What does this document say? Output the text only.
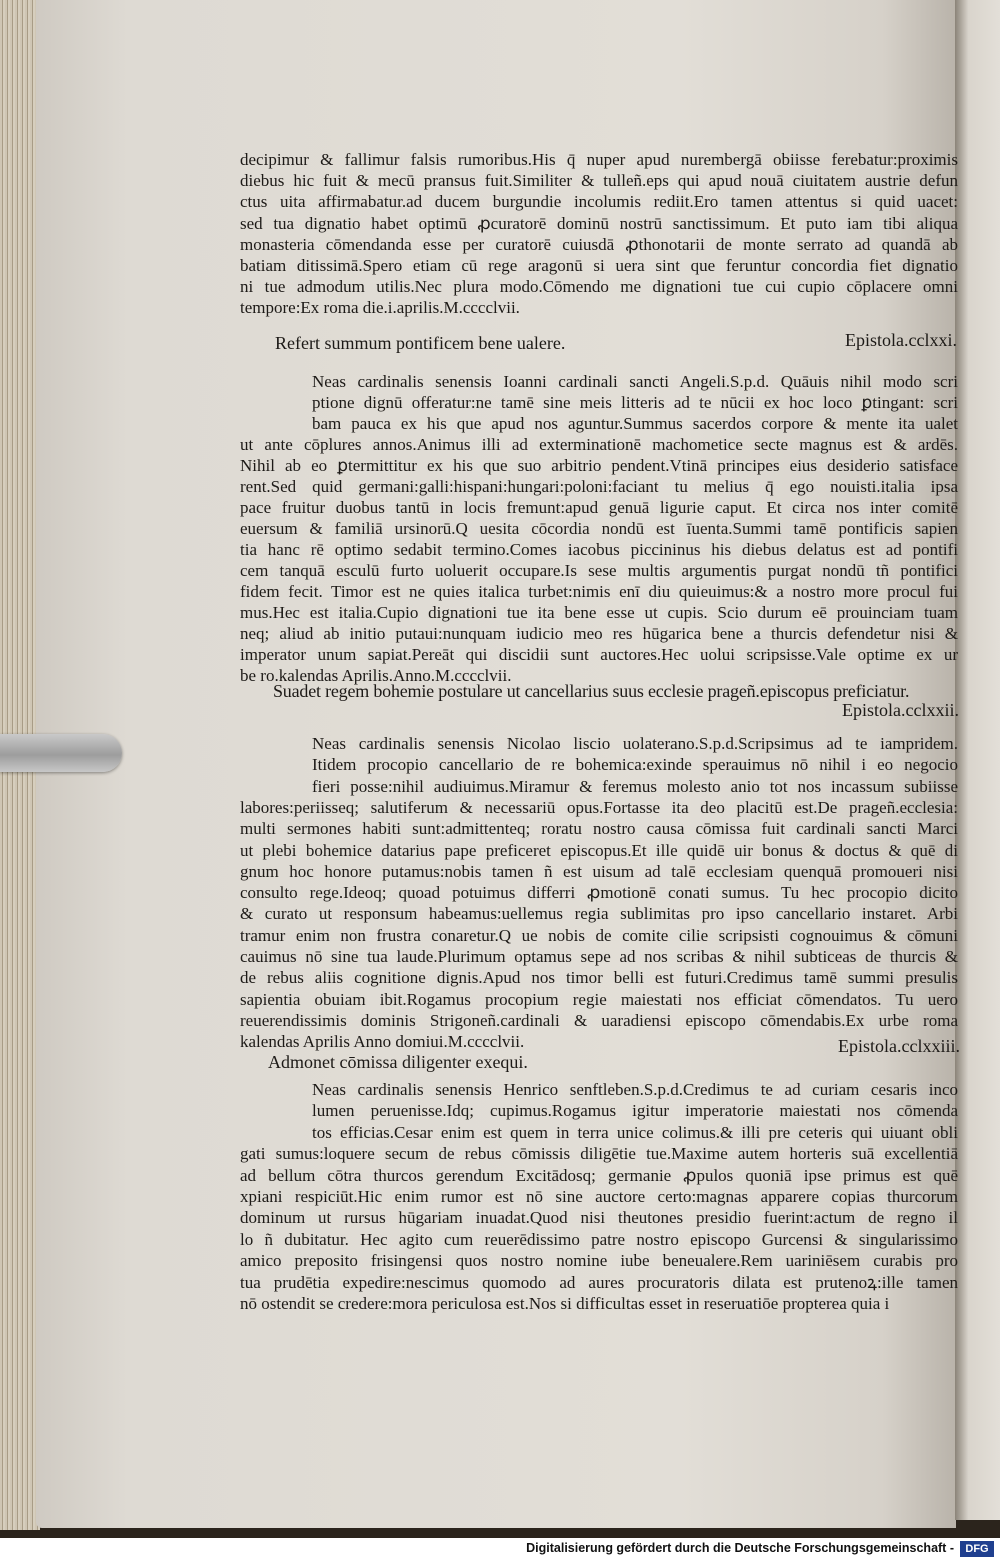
decipimur & fallimur falsis rumoribus.His q̄ nuper apud nurembergā obiisse ferebatur:proximis
diebus hic fuit & mecū pransus fuit.Similiter & tulleñ.eps qui apud nouā ciuitatem austrie defun
ctus uita affirmabatur.ad ducem burgundie incolumis rediit.Ero tamen attentus si quid uacet:
sed tua dignatio habet optimū ꝓcuratorē dominū nostrū sanctissimum. Et puto iam tibi aliqua
monasteria cōmendanda esse per curatorē cuiusdā ꝓthonotarii de monte serrato ad quandā ab
batiam ditissimā.Spero etiam cū rege aragonū si uera sint que feruntur concordia fiet dignatio
ni tue admodum utilis.Nec plura modo.Cōmendo me dignationi tue cui cupio cōplacere omni
tempore:Ex roma die.i.aprilis.M.cccclvii.
Neas cardinalis senensis Ioanni cardinali sancti Angeli.S.p.d. Quāuis nihil modo scri
ptione dignū offeratur:ne tamē sine meis litteris ad te nūcii ex hoc loco ꝑtingant: scri
bam pauca ex his que apud nos aguntur.Summus sacerdos corpore & mente ita ualet
ut ante cōplures annos.Animus illi ad exterminationē machometice secte magnus est & ardēs.
Nihil ab eo ꝑtermittitur ex his que suo arbitrio pendent.Vtinā principes eius desiderio satisface
rent.Sed quid germani:galli:hispani:hungari:poloni:faciant tu melius q̄ ego nouisti.italia ipsa
pace fruitur duobus tantū in locis fremunt:apud genuā ligurie caput. Et circa nos inter comitē
euersum & familiā ursinorū.Q uesita cōcordia nondū est īuenta.Summi tamē pontificis sapien
tia hanc rē optimo sedabit termino.Comes iacobus piccininus his diebus delatus est ad pontifi
cem tanquā esculū furto uoluerit occupare.Is sese multis argumentis purgat nondū tñ pontifici
fidem fecit. Timor est ne quies italica turbet:nimis enī diu quieuimus:& a nostro more procul fui
mus.Hec est italia.Cupio dignationi tue ita bene esse ut cupis. Scio durum eē prouinciam tuam
neq; aliud ab initio putaui:nunquam iudicio meo res hūgarica bene a thurcis defendetur nisi &
imperator unum sapiat.Pereāt qui discidii sunt auctores.Hec uolui scripsisse.Vale optime ex ur
be ro.kalendas Aprilis.Anno.M.cccclvii.
Neas cardinalis senensis Nicolao liscio uolaterano.S.p.d.Scripsimus ad te iampridem.
Itidem procopio cancellario de re bohemica:exinde sperauimus nō nihil i eo negocio
fieri posse:nihil audiuimus.Miramur & feremus molesto anio tot nos incassum subiisse
labores:periisseq; salutiferum & necessariū opus.Fortasse ita deo placitū est.De prageñ.ecclesia:
multi sermones habiti sunt:admittenteq; roratu nostro causa cōmissa fuit cardinali sancti Marci
ut plebi bohemice datarius pape preficeret episcopus.Et ille quidē uir bonus & doctus & quē di
gnum hoc honore putamus:nobis tamen ñ est uisum ad talē ecclesiam quenquā promoueri nisi
consulto rege.Ideoq; quoad potuimus differri ꝓmotionē conati sumus. Tu hec procopio dicito
& curato ut responsum habeamus:uellemus regia sublimitas pro ipso cancellario instaret. Arbi
tramur enim non frustra conaretur.Q ue nobis de comite cilie scripsisti cognouimus & cōmuni
cauimus nō sine tua laude.Plurimum optamus sepe ad nos scribas & nihil subticeas de thurcis &
de rebus aliis cognitione dignis.Apud nos timor belli est futuri.Credimus tamē summi presulis
sapientia obuiam ibit.Rogamus procopium regie maiestati nos efficiat cōmendatos. Tu uero
reuerendissimis dominis Strigoneñ.cardinali & uaradiensi episcopo cōmendabis.Ex urbe roma
kalendas Aprilis Anno domiui.M.cccclvii.
Neas cardinalis senensis Henrico senftleben.S.p.d.Credimus te ad curiam cesaris inco
lumen peruenisse.Idq; cupimus.Rogamus igitur imperatorie maiestati nos cōmenda
tos efficias.Cesar enim est quem in terra unice colimus.& illi pre ceteris qui uiuant obli
gati sumus:loquere secum de rebus cōmissis diligētie tue.Maxime autem horteris suā excellentiā
ad bellum cōtra thurcos gerendum Excitādosq; germanie ꝓpulos quoniā ipse primus est quē
xpiani respiciūt.Hic enim rumor est nō sine auctore certo:magnas apparere copias thurcorum
dominum ut rursus hūgariam inuadat.Quod nisi theutones presidio fuerint:actum de regno il
lo ñ dubitatur. Hec agito cum reuerēdissimo patre nostro episcopo Gurcensi & singularissimo
amico preposito frisingensi quos nostro nomine iube beneualere.Rem uariniēsem curabis pro
tua prudētia expedire:nescimus quomodo ad aures procuratoris dilata est prutenoꝝ:ille tamen
nō ostendit se credere:mora periculosa est.Nos si difficultas esset in reseruatiōe propterea quia i
Refert summum pontificem bene ualere.	Epistola.cclxxi.
Suadet regem bohemie postulare ut cancellarius suus ecclesie prageñ.episcopus preficiatur.
Epistola.cclxxii.
Admonet cōmissa diligenter exequi.
Epistola.cclxxiii.
Digitalisierung gefördert durch die Deutsche Forschungsgemeinschaft -	DFG
